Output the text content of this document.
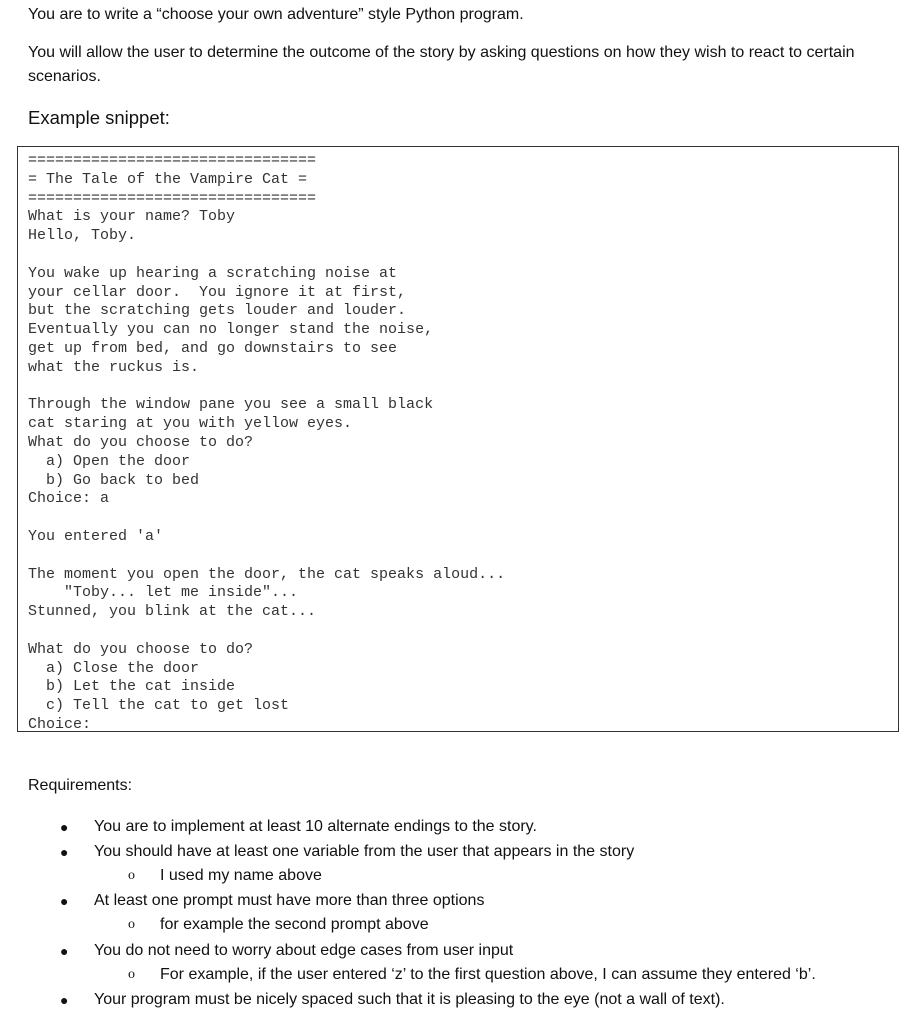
You are to write a “choose your own adventure” style Python program.
You will allow the user to determine the outcome of the story by asking questions on how they wish to react to certain scenarios.
Example snippet:
================================
= The Tale of the Vampire Cat =
================================
What is your name? Toby
Hello, Toby.
You wake up hearing a scratching noise at
your cellar door.  You ignore it at first,
but the scratching gets louder and louder.
Eventually you can no longer stand the noise,
get up from bed, and go downstairs to see
what the ruckus is.
Through the window pane you see a small black
cat staring at you with yellow eyes.
What do you choose to do?
a) Open the door
b) Go back to bed
Choice: a
You entered 'a'
The moment you open the door, the cat speaks aloud...
"Toby... let me inside"...
Stunned, you blink at the cat...
What do you choose to do?
a) Close the door
b) Let the cat inside
c) Tell the cat to get lost
Choice:
Requirements:
● You are to implement at least 10 alternate endings to the story.
● You should have at least one variable from the user that appears in the story
o I used my name above
● At least one prompt must have more than three options
o for example the second prompt above
● You do not need to worry about edge cases from user input
o For example, if the user entered ‘z’ to the first question above, I can assume they entered ‘b’.
● Your program must be nicely spaced such that it is pleasing to the eye (not a wall of text).
